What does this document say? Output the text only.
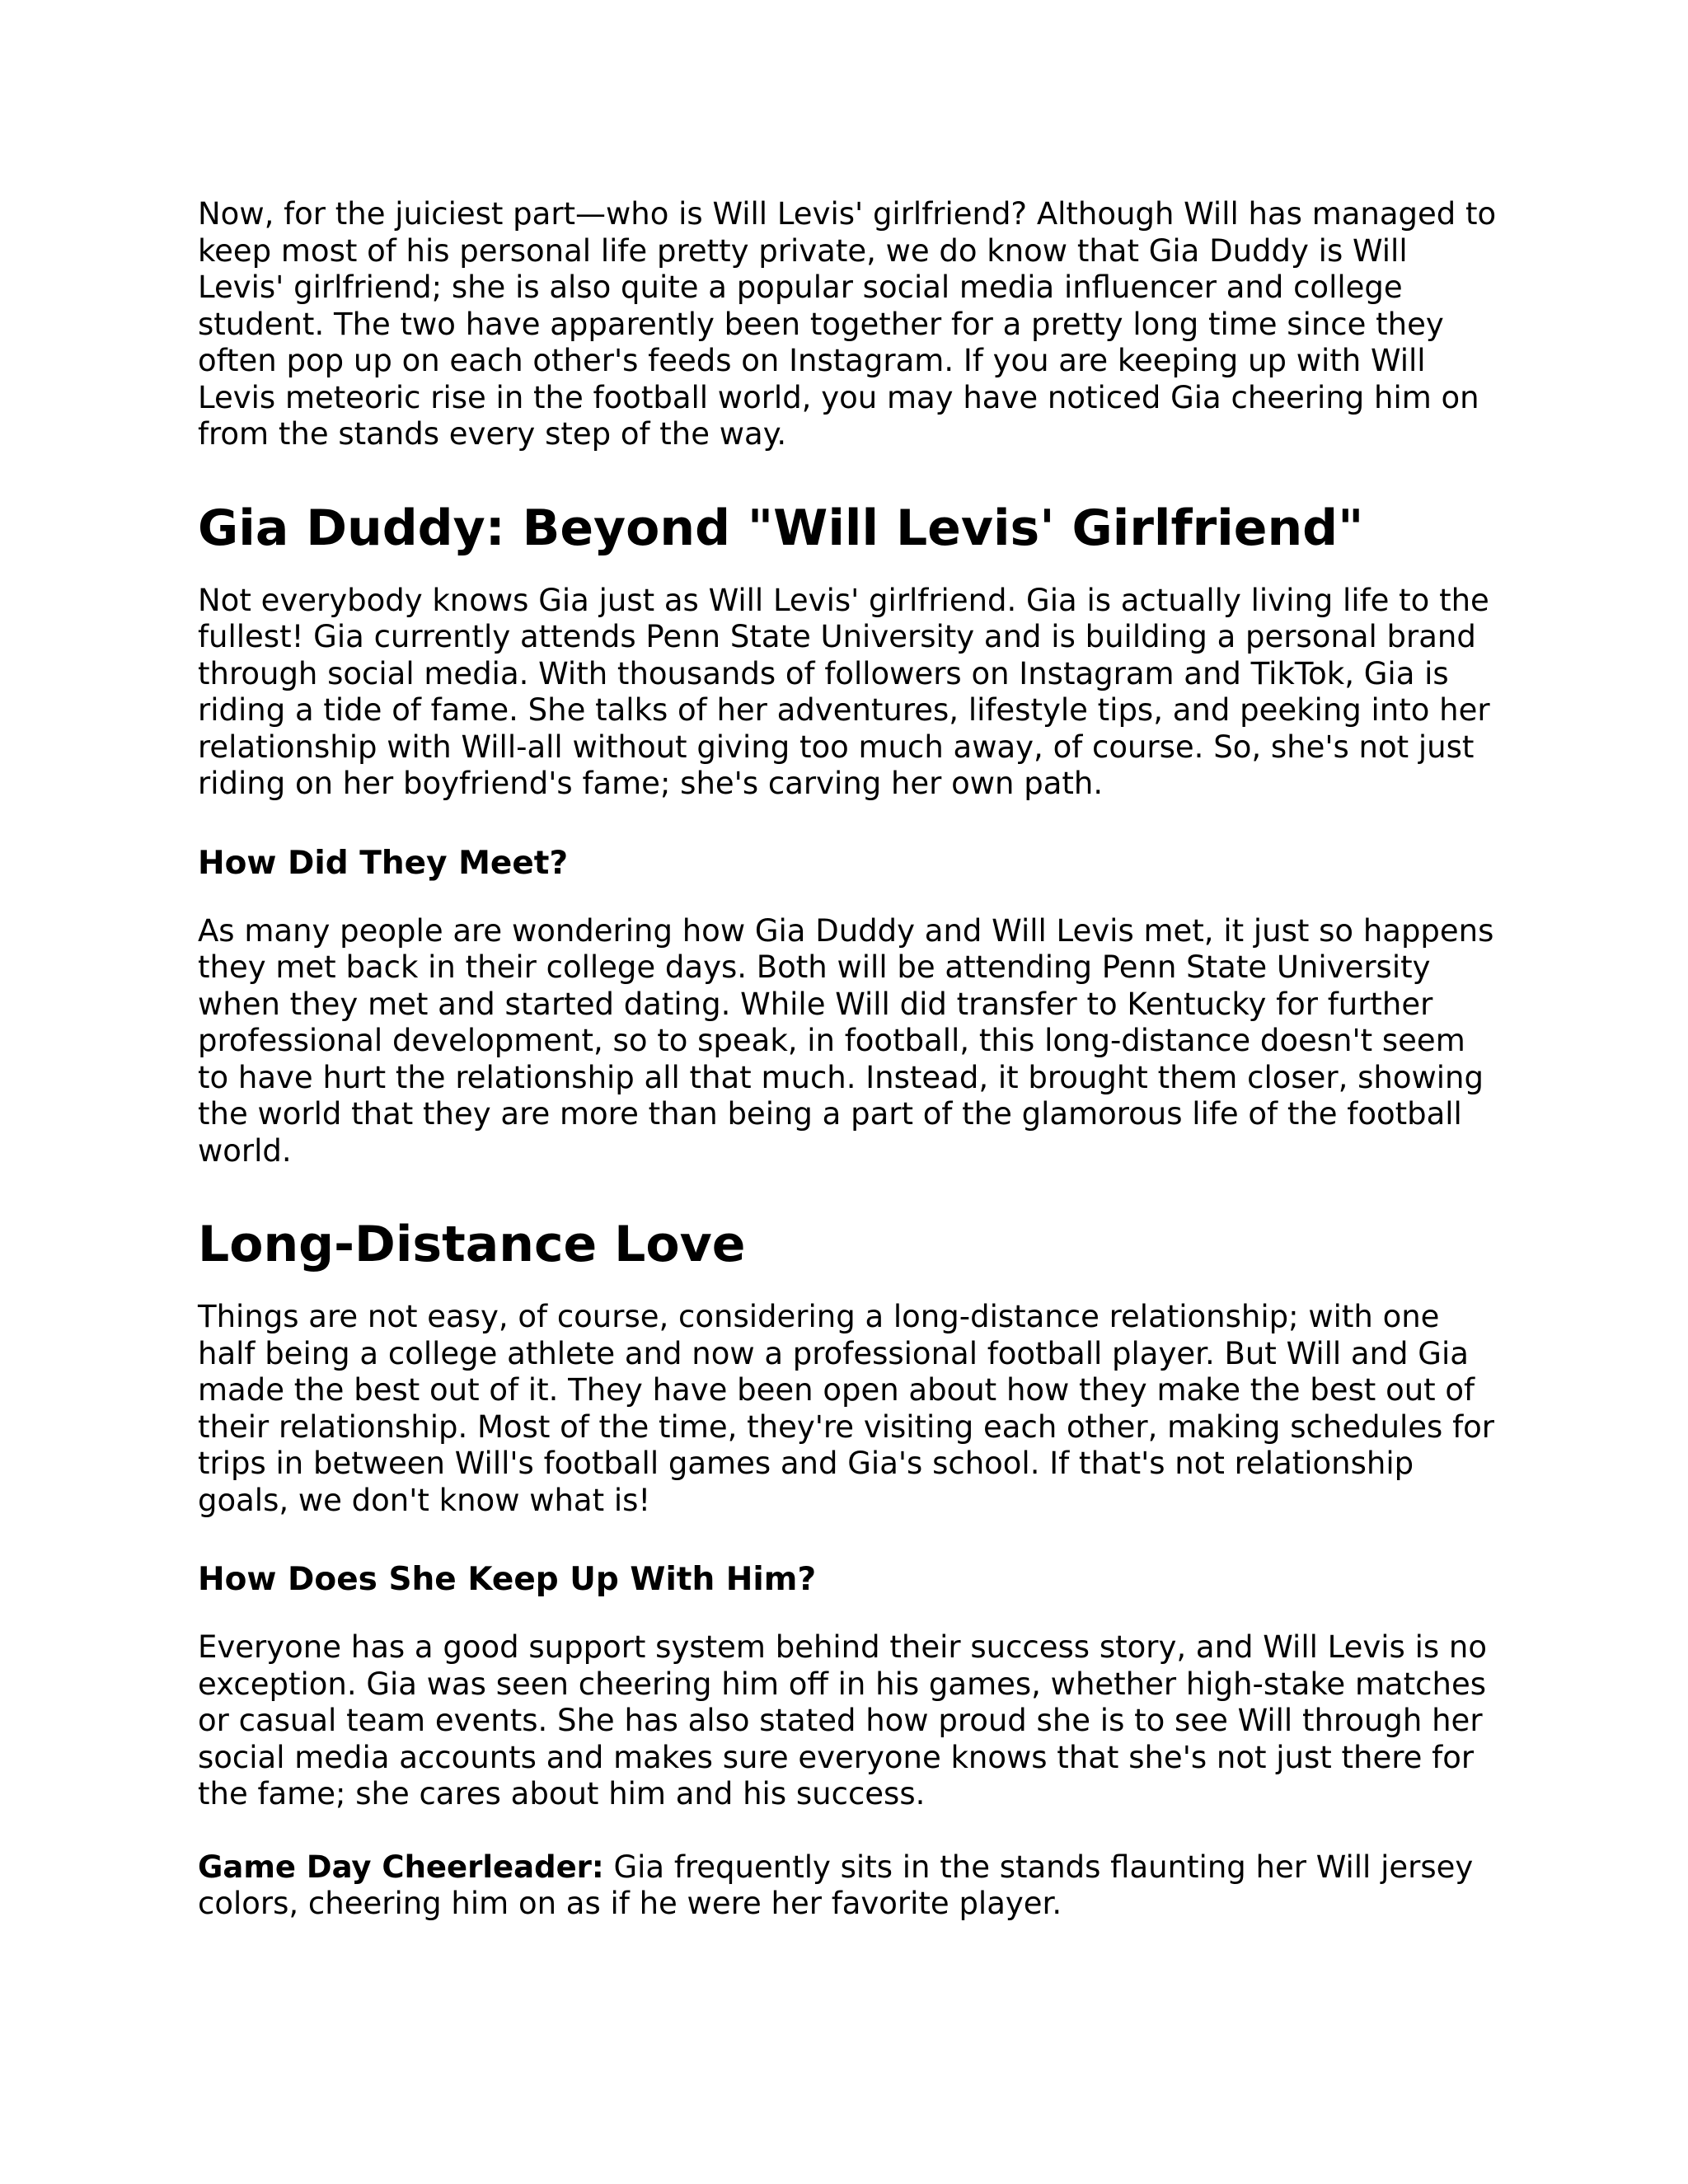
Now, for the juiciest part—who is Will Levis' girlfriend? Although Will has managed to keep most of his personal life pretty private, we do know that Gia Duddy is Will Levis' girlfriend; she is also quite a popular social media influencer and college student. The two have apparently been together for a pretty long time since they often pop up on each other's feeds on Instagram. If you are keeping up with Will Levis meteoric rise in the football world, you may have noticed Gia cheering him on from the stands every step of the way.

Gia Duddy: Beyond "Will Levis' Girlfriend"

Not everybody knows Gia just as Will Levis' girlfriend. Gia is actually living life to the fullest! Gia currently attends Penn State University and is building a personal brand through social media. With thousands of followers on Instagram and TikTok, Gia is riding a tide of fame. She talks of her adventures, lifestyle tips, and peeking into her relationship with Will-all without giving too much away, of course. So, she's not just riding on her boyfriend's fame; she's carving her own path.

How Did They Meet?

As many people are wondering how Gia Duddy and Will Levis met, it just so happens they met back in their college days. Both will be attending Penn State University when they met and started dating. While Will did transfer to Kentucky for further professional development, so to speak, in football, this long-distance doesn't seem to have hurt the relationship all that much. Instead, it brought them closer, showing the world that they are more than being a part of the glamorous life of the football world.

Long-Distance Love

Things are not easy, of course, considering a long-distance relationship; with one half being a college athlete and now a professional football player. But Will and Gia made the best out of it. They have been open about how they make the best out of their relationship. Most of the time, they're visiting each other, making schedules for trips in between Will's football games and Gia's school. If that's not relationship goals, we don't know what is!

How Does She Keep Up With Him?

Everyone has a good support system behind their success story, and Will Levis is no exception. Gia was seen cheering him off in his games, whether high-stake matches or casual team events. She has also stated how proud she is to see Will through her social media accounts and makes sure everyone knows that she's not just there for the fame; she cares about him and his success.

Game Day Cheerleader: Gia frequently sits in the stands flaunting her Will jersey colors, cheering him on as if he were her favorite player.
